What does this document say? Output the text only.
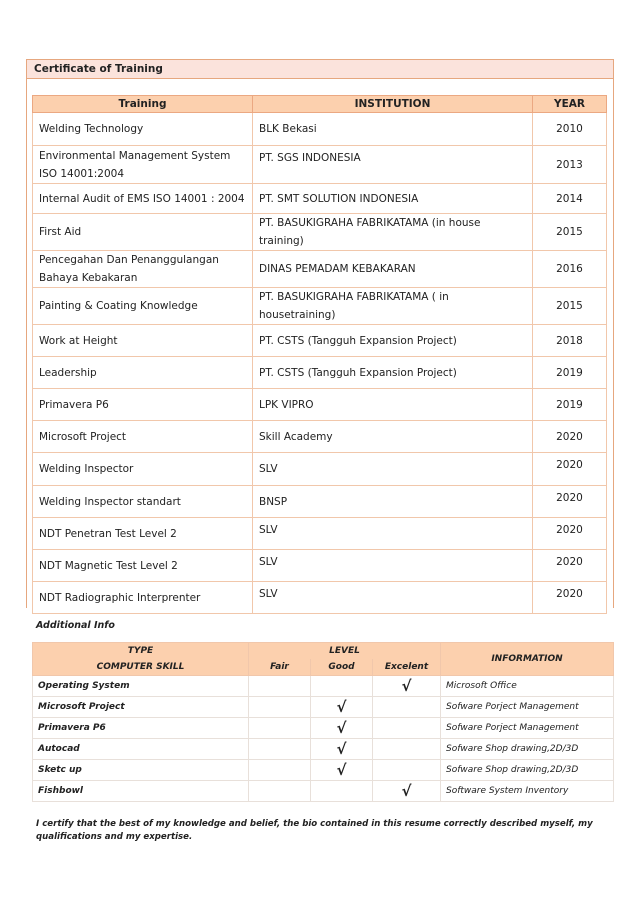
Certificate of Training
Training	INSTITUTION	YEAR
Welding Technology	BLK Bekasi	2010
Environmental Management System ISO 14001:2004	PT. SGS INDONESIA	2013
Internal Audit of EMS ISO 14001 : 2004	PT. SMT SOLUTION INDONESIA	2014
First Aid	PT. BASUKIGRAHA FABRIKATAMA (in house training)	2015
Pencegahan Dan Penanggulangan Bahaya Kebakaran	DINAS PEMADAM KEBAKARAN	2016
Painting & Coating Knowledge	PT. BASUKIGRAHA FABRIKATAMA ( in housetraining)	2015
Work at Height	PT. CSTS (Tangguh Expansion Project)	2018
Leadership	PT. CSTS (Tangguh Expansion Project)	2019
Primavera P6	LPK VIPRO	2019
Microsoft Project	Skill Academy	2020
Welding Inspector	SLV	2020
Welding Inspector standart	BNSP	2020
NDT Penetran Test Level 2	SLV	2020
NDT Magnetic Test Level 2	SLV	2020
NDT Radiographic Interprenter	SLV	2020
Additional Info
TYPE	LEVEL			INFORMATION
COMPUTER SKILL	Fair	Good	Excelent	
Operating System			√	Microsoft Office
Microsoft Project		√		Sofware Porject Management
Primavera P6		√		Sofware Porject Management
Autocad		√		Sofware Shop drawing,2D/3D
Sketc up		√		Sofware Shop drawing,2D/3D
Fishbowl			√	Software System Inventory
I certify that the best of my knowledge and belief, the bio contained in this resume correctly described myself, my qualifications and my expertise.
